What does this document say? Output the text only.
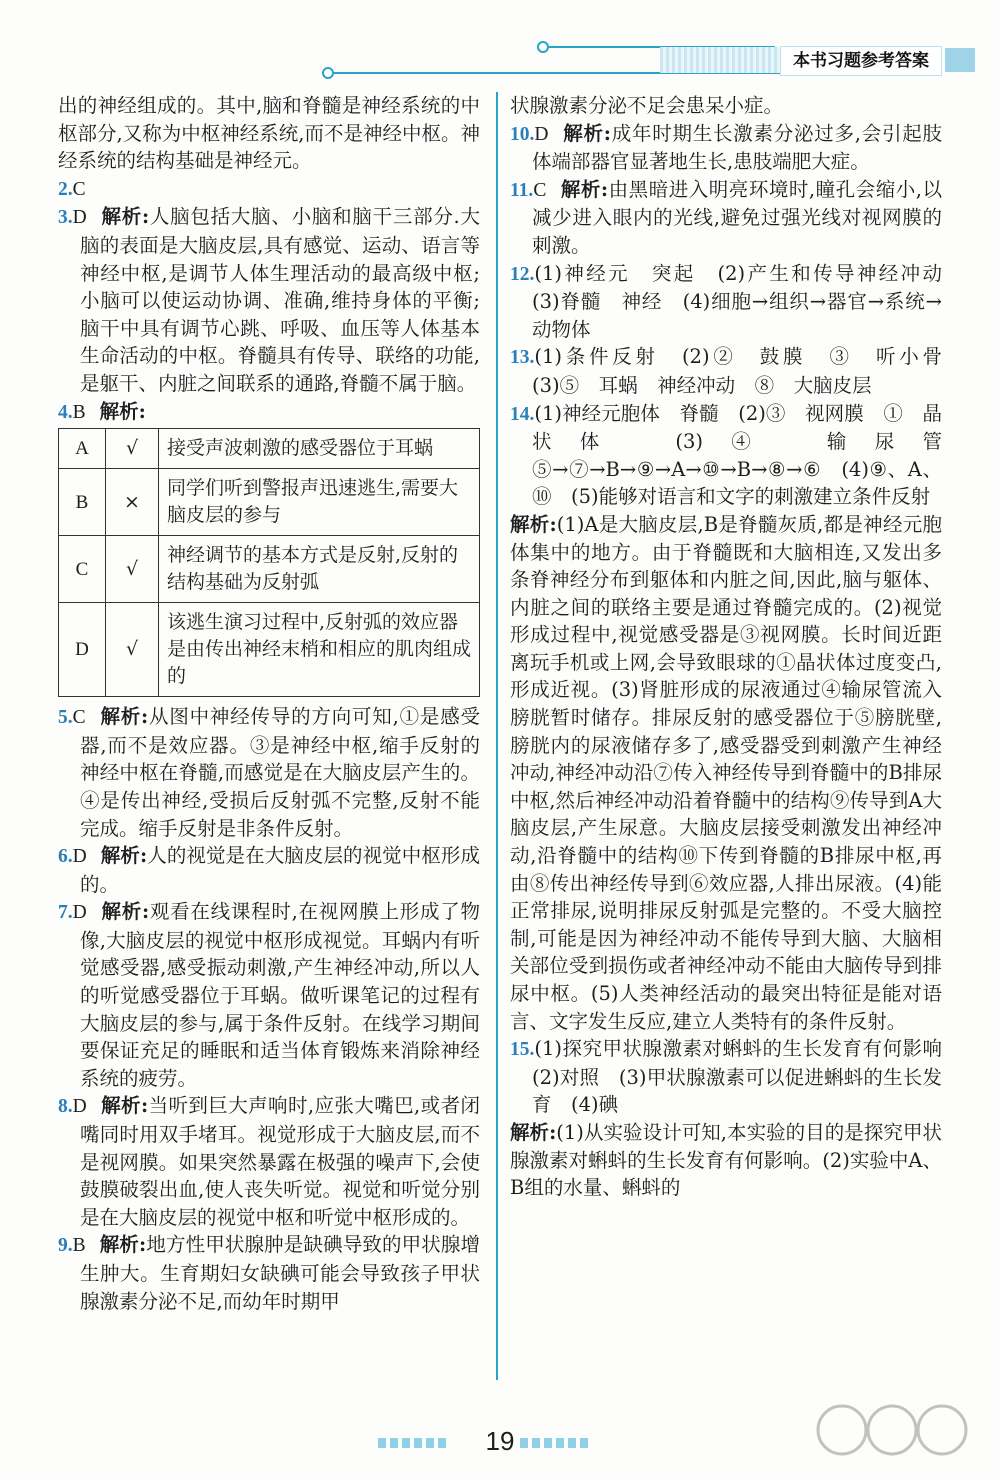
本书习题参考答案

出的神经组成的。其中,脑和脊髓是神经系统的中枢部分,又称为中枢神经系统,而不是神经中枢。神经系统的结构基础是神经元。

2.C

3.D 解析:人脑包括大脑、小脑和脑干三部分.大脑的表面是大脑皮层,具有感觉、运动、语言等神经中枢,是调节人体生理活动的最高级中枢;小脑可以使运动协调、准确,维持身体的平衡;脑干中具有调节心跳、呼吸、血压等人体基本生命活动的中枢。脊髓具有传导、联络的功能,是躯干、内脏之间联系的通路,脊髓不属于脑。

4.B 解析:

A	√	接受声波刺激的感受器位于耳蜗
B	×	同学们听到警报声迅速逃生,需要大脑皮层的参与
C	√	神经调节的基本方式是反射,反射的结构基础为反射弧
D	√	该逃生演习过程中,反射弧的效应器是由传出神经末梢和相应的肌肉组成的

5.C 解析:从图中神经传导的方向可知,①是感受器,而不是效应器。③是神经中枢,缩手反射的神经中枢在脊髓,而感觉是在大脑皮层产生的。④是传出神经,受损后反射弧不完整,反射不能完成。缩手反射是非条件反射。

6.D 解析:人的视觉是在大脑皮层的视觉中枢形成的。

7.D 解析:观看在线课程时,在视网膜上形成了物像,大脑皮层的视觉中枢形成视觉。耳蜗内有听觉感受器,感受振动刺激,产生神经冲动,所以人的听觉感受器位于耳蜗。做听课笔记的过程有大脑皮层的参与,属于条件反射。在线学习期间要保证充足的睡眠和适当体育锻炼来消除神经系统的疲劳。

8.D 解析:当听到巨大声响时,应张大嘴巴,或者闭嘴同时用双手堵耳。视觉形成于大脑皮层,而不是视网膜。如果突然暴露在极强的噪声下,会使鼓膜破裂出血,使人丧失听觉。视觉和听觉分别是在大脑皮层的视觉中枢和听觉中枢形成的。

9.B 解析:地方性甲状腺肿是缺碘导致的甲状腺增生肿大。生育期妇女缺碘可能会导致孩子甲状腺激素分泌不足,而幼年时期甲

状腺激素分泌不足会患呆小症。

10.D 解析:成年时期生长激素分泌过多,会引起肢体端部器官显著地生长,患肢端肥大症。

11.C 解析:由黑暗进入明亮环境时,瞳孔会缩小,以减少进入眼内的光线,避免过强光线对视网膜的刺激。

12.(1)神经元　突起　(2)产生和传导神经冲动　(3)脊髓　神经　(4)细胞→组织→器官→系统→动物体

13.(1)条件反射　(2)②　鼓膜　③　听小骨　(3)⑤　耳蜗　神经冲动　⑧　大脑皮层

14.(1)神经元胞体　脊髓　(2)③　视网膜　①　晶状体　(3)④　输尿管　⑤→⑦→B→⑨→A→⑩→B→⑧→⑥　(4)⑨、A、⑩　(5)能够对语言和文字的刺激建立条件反射

解析:(1)A是大脑皮层,B是脊髓灰质,都是神经元胞体集中的地方。由于脊髓既和大脑相连,又发出多条脊神经分布到躯体和内脏之间,因此,脑与躯体、内脏之间的联络主要是通过脊髓完成的。(2)视觉形成过程中,视觉感受器是③视网膜。长时间近距离玩手机或上网,会导致眼球的①晶状体过度变凸,形成近视。(3)肾脏形成的尿液通过④输尿管流入膀胱暂时储存。排尿反射的感受器位于⑤膀胱壁,膀胱内的尿液储存多了,感受器受到刺激产生神经冲动,神经冲动沿⑦传入神经传导到脊髓中的B排尿中枢,然后神经冲动沿着脊髓中的结构⑨传导到A大脑皮层,产生尿意。大脑皮层接受刺激发出神经冲动,沿脊髓中的结构⑩下传到脊髓的B排尿中枢,再由⑧传出神经传导到⑥效应器,人排出尿液。(4)能正常排尿,说明排尿反射弧是完整的。不受大脑控制,可能是因为神经冲动不能传导到大脑、大脑相关部位受到损伤或者神经冲动不能由大脑传导到排尿中枢。(5)人类神经活动的最突出特征是能对语言、文字发生反应,建立人类特有的条件反射。

15.(1)探究甲状腺激素对蝌蚪的生长发育有何影响　(2)对照　(3)甲状腺激素可以促进蝌蚪的生长发育　(4)碘

解析:(1)从实验设计可知,本实验的目的是探究甲状腺激素对蝌蚪的生长发育有何影响。(2)实验中A、B组的水量、蝌蚪的

19
